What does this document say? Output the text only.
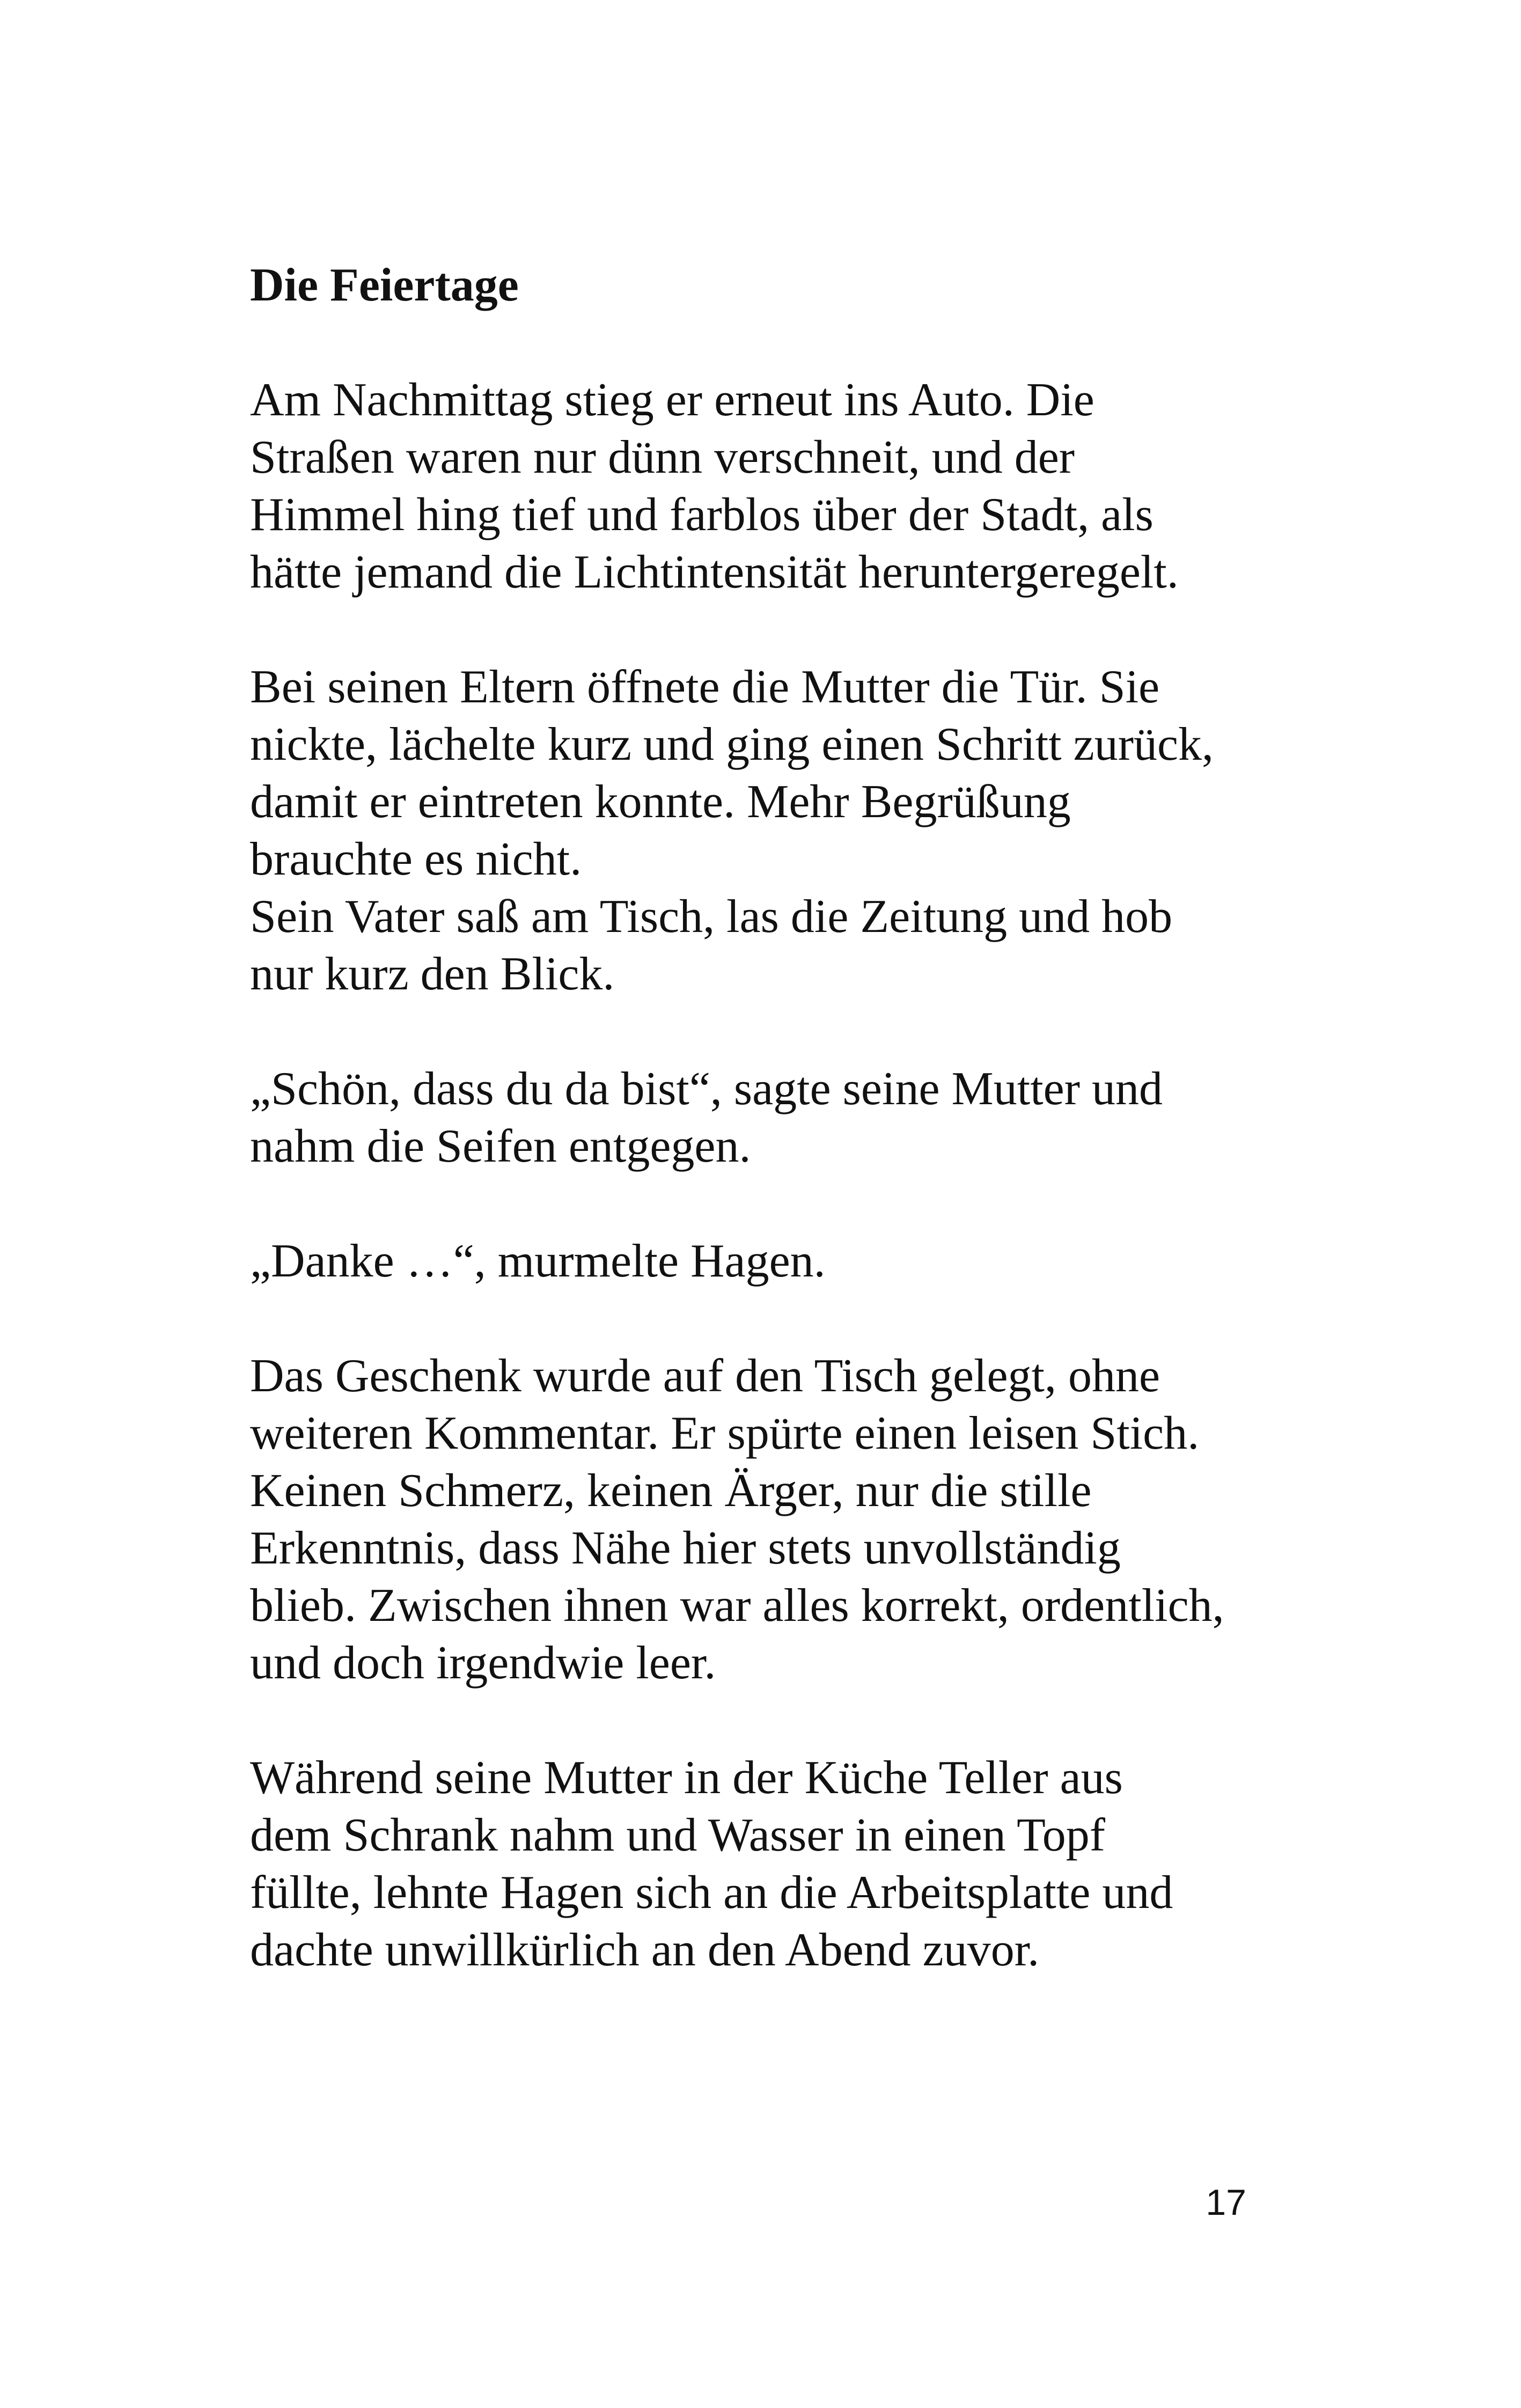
Die Feiertage
Am Nachmittag stieg er erneut ins Auto. Die
Straßen waren nur dünn verschneit, und der
Himmel hing tief und farblos über der Stadt, als
hätte jemand die Lichtintensität heruntergeregelt.
Bei seinen Eltern öffnete die Mutter die Tür. Sie
nickte, lächelte kurz und ging einen Schritt zurück,
damit er eintreten konnte. Mehr Begrüßung
brauchte es nicht.
Sein Vater saß am Tisch, las die Zeitung und hob
nur kurz den Blick.
„Schön, dass du da bist“, sagte seine Mutter und
nahm die Seifen entgegen.
„Danke …“, murmelte Hagen.
Das Geschenk wurde auf den Tisch gelegt, ohne
weiteren Kommentar. Er spürte einen leisen Stich.
Keinen Schmerz, keinen Ärger, nur die stille
Erkenntnis, dass Nähe hier stets unvollständig
blieb. Zwischen ihnen war alles korrekt, ordentlich,
und doch irgendwie leer.
Während seine Mutter in der Küche Teller aus
dem Schrank nahm und Wasser in einen Topf
füllte, lehnte Hagen sich an die Arbeitsplatte und
dachte unwillkürlich an den Abend zuvor.
17
